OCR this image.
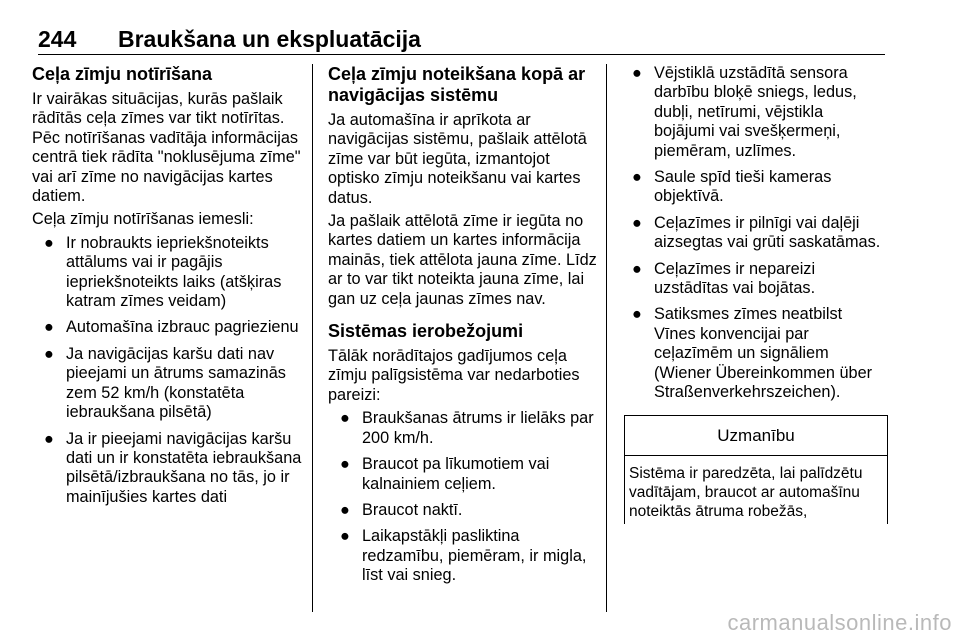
244 Braukšana un ekspluatācija
Ceļa zīmju notīrīšana

Ir vairākas situācijas, kurās pašlaik rādītās ceļa zīmes var tikt notīrītas. Pēc notīrīšanas vadītāja informācijas centrā tiek rādīta "noklusējuma zīme" vai arī zīme no navigācijas kartes datiem.

Ceļa zīmju notīrīšanas iemesli:

● Ir nobraukts iepriekšnoteikts attālums vai ir pagājis iepriekšnoteikts laiks (atšķiras katram zīmes veidam)
● Automašīna izbrauc pagriezienu
● Ja navigācijas karšu dati nav pieejami un ātrums samazinās zem 52 km/h (konstatēta iebraukšana pilsētā)
● Ja ir pieejami navigācijas karšu dati un ir konstatēta iebraukšana pilsētā/izbraukšana no tās, jo ir mainījušies kartes dati
Ceļa zīmju noteikšana kopā ar navigācijas sistēmu

Ja automašīna ir aprīkota ar navigācijas sistēmu, pašlaik attēlotā zīme var būt iegūta, izmantojot optisko zīmju noteikšanu vai kartes datus.

Ja pašlaik attēlotā zīme ir iegūta no kartes datiem un kartes informācija mainās, tiek attēlota jauna zīme. Līdz ar to var tikt noteikta jauna zīme, lai gan uz ceļa jaunas zīmes nav.

Sistēmas ierobežojumi

Tālāk norādītajos gadījumos ceļa zīmju palīgsistēma var nedarboties pareizi:

● Braukšanas ātrums ir lielāks par 200 km/h.
● Braucot pa līkumotiem vai kalnainiem ceļiem.
● Braucot naktī.
● Laikapstākļi pasliktina redzamību, piemēram, ir migla, līst vai snieg.
● Vējstiklā uzstādītā sensora darbību bloķē sniegs, ledus, dubļi, netīrumi, vējstikla bojājumi vai svešķermeņi, piemēram, uzlīmes.
● Saule spīd tieši kameras objektīvā.
● Ceļazīmes ir pilnīgi vai daļēji aizsegtas vai grūti saskatāmas.
● Ceļazīmes ir nepareizi uzstādītas vai bojātas.
● Satiksmes zīmes neatbilst Vīnes konvencijai par ceļazīmēm un signāliem (Wiener Übereinkommen über Straßenverkehrszeichen).
Uzmanību
Sistēma ir paredzēta, lai palīdzētu vadītājam, braucot ar automašīnu noteiktās ātruma robežās,
carmanualsonline.info
